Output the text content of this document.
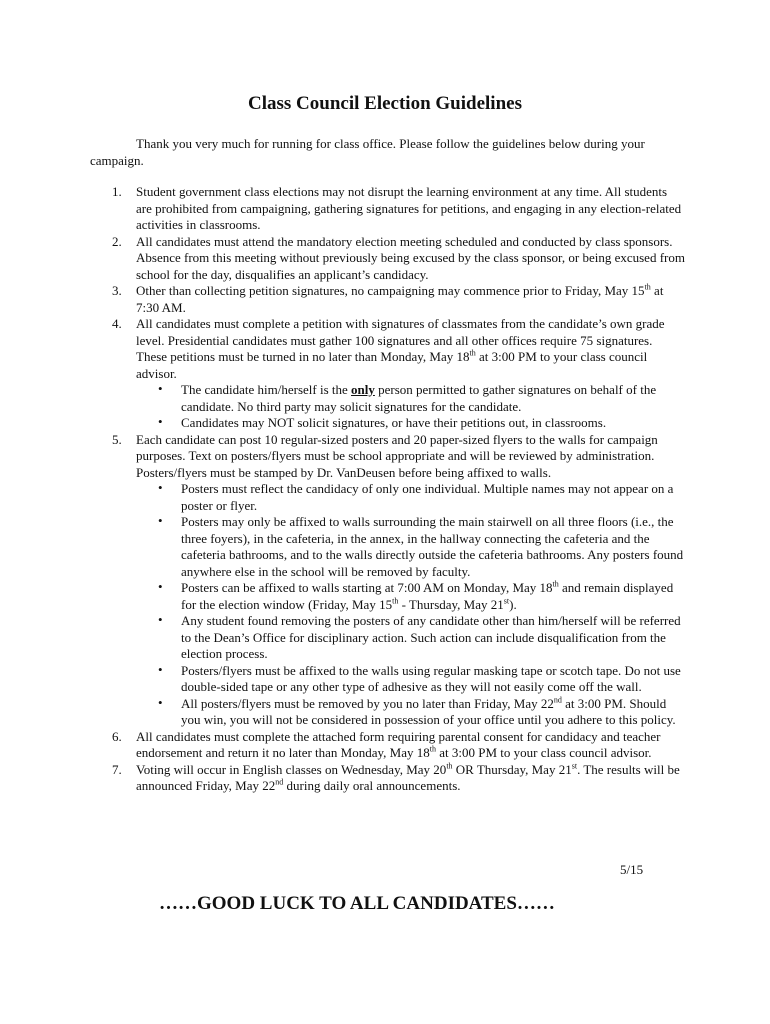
Class Council Election Guidelines

Thank you very much for running for class office. Please follow the guidelines below during your campaign.

1. Student government class elections may not disrupt the learning environment at any time. All students are prohibited from campaigning, gathering signatures for petitions, and engaging in any election-related activities in classrooms.
2. All candidates must attend the mandatory election meeting scheduled and conducted by class sponsors. Absence from this meeting without previously being excused by the class sponsor, or being excused from school for the day, disqualifies an applicant’s candidacy.
3. Other than collecting petition signatures, no campaigning may commence prior to Friday, May 15th at 7:30 AM.
4. All candidates must complete a petition with signatures of classmates from the candidate’s own grade level. Presidential candidates must gather 100 signatures and all other offices require 75 signatures. These petitions must be turned in no later than Monday, May 18th at 3:00 PM to your class council advisor.
• The candidate him/herself is the only person permitted to gather signatures on behalf of the candidate. No third party may solicit signatures for the candidate.
• Candidates may NOT solicit signatures, or have their petitions out, in classrooms.
5. Each candidate can post 10 regular-sized posters and 20 paper-sized flyers to the walls for campaign purposes. Text on posters/flyers must be school appropriate and will be reviewed by administration. Posters/flyers must be stamped by Dr. VanDeusen before being affixed to walls.
• Posters must reflect the candidacy of only one individual. Multiple names may not appear on a poster or flyer.
• Posters may only be affixed to walls surrounding the main stairwell on all three floors (i.e., the three foyers), in the cafeteria, in the annex, in the hallway connecting the cafeteria and the cafeteria bathrooms, and to the walls directly outside the cafeteria bathrooms. Any posters found anywhere else in the school will be removed by faculty.
• Posters can be affixed to walls starting at 7:00 AM on Monday, May 18th and remain displayed for the election window (Friday, May 15th - Thursday, May 21st).
• Any student found removing the posters of any candidate other than him/herself will be referred to the Dean’s Office for disciplinary action. Such action can include disqualification from the election process.
• Posters/flyers must be affixed to the walls using regular masking tape or scotch tape. Do not use double-sided tape or any other type of adhesive as they will not easily come off the wall.
• All posters/flyers must be removed by you no later than Friday, May 22nd at 3:00 PM. Should you win, you will not be considered in possession of your office until you adhere to this policy.
6. All candidates must complete the attached form requiring parental consent for candidacy and teacher endorsement and return it no later than Monday, May 18th at 3:00 PM to your class council advisor.
7. Voting will occur in English classes on Wednesday, May 20th OR Thursday, May 21st. The results will be announced Friday, May 22nd during daily oral announcements.

5/15

……GOOD LUCK TO ALL CANDIDATES……
